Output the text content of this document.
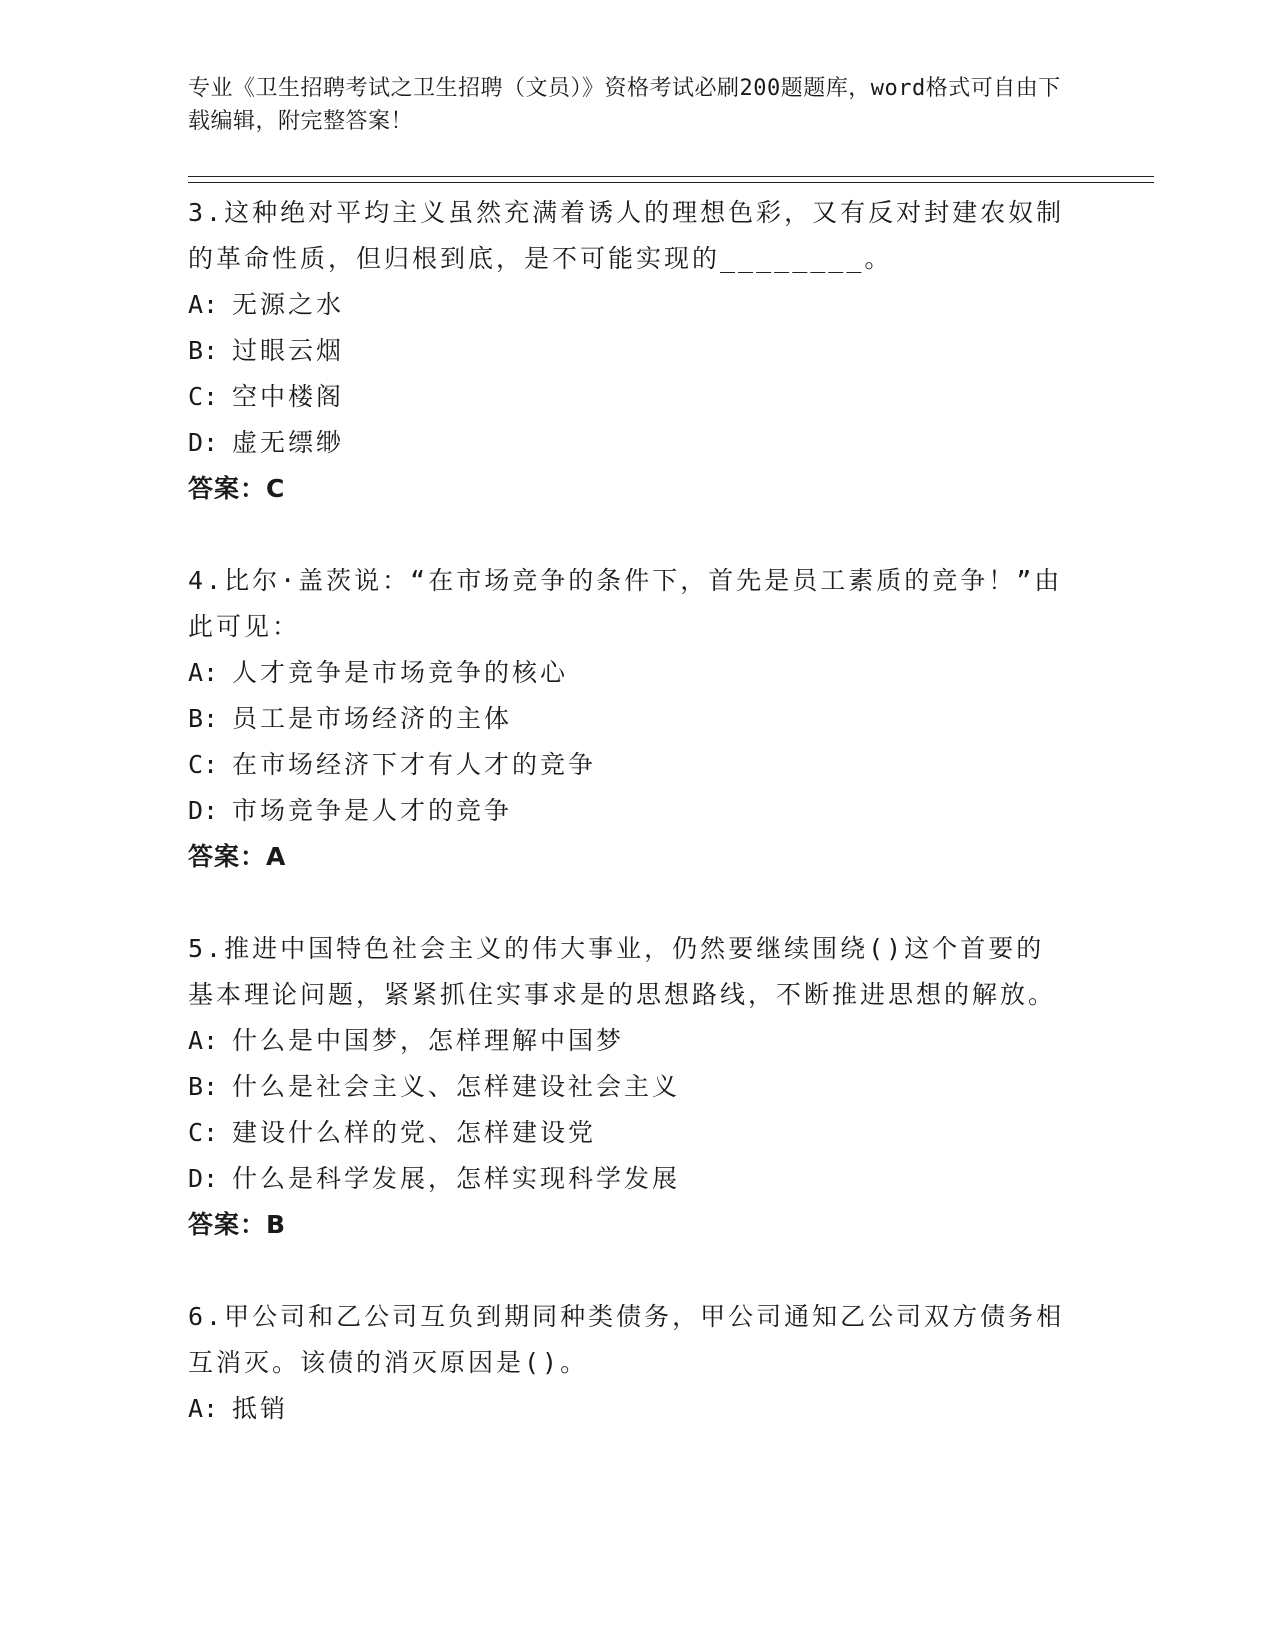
专业《卫生招聘考试之卫生招聘（文员）》资格考试必刷200题题库，word格式可自由下载编辑，附完整答案！
3.这种绝对平均主义虽然充满着诱人的理想色彩，又有反对封建农奴制的革命性质，但归根到底，是不可能实现的________。
A: 无源之水
B: 过眼云烟
C: 空中楼阁
D: 虚无缥缈
答案：C
4.比尔·盖茨说：“在市场竞争的条件下，首先是员工素质的竞争！”由此可见：
A: 人才竞争是市场竞争的核心
B: 员工是市场经济的主体
C: 在市场经济下才有人才的竞争
D: 市场竞争是人才的竞争
答案：A
5.推进中国特色社会主义的伟大事业，仍然要继续围绕()这个首要的基本理论问题，紧紧抓住实事求是的思想路线，不断推进思想的解放。
A: 什么是中国梦，怎样理解中国梦
B: 什么是社会主义、怎样建设社会主义
C: 建设什么样的党、怎样建设党
D: 什么是科学发展，怎样实现科学发展
答案：B
6.甲公司和乙公司互负到期同种类债务，甲公司通知乙公司双方债务相互消灭。该债的消灭原因是()。
A: 抵销
